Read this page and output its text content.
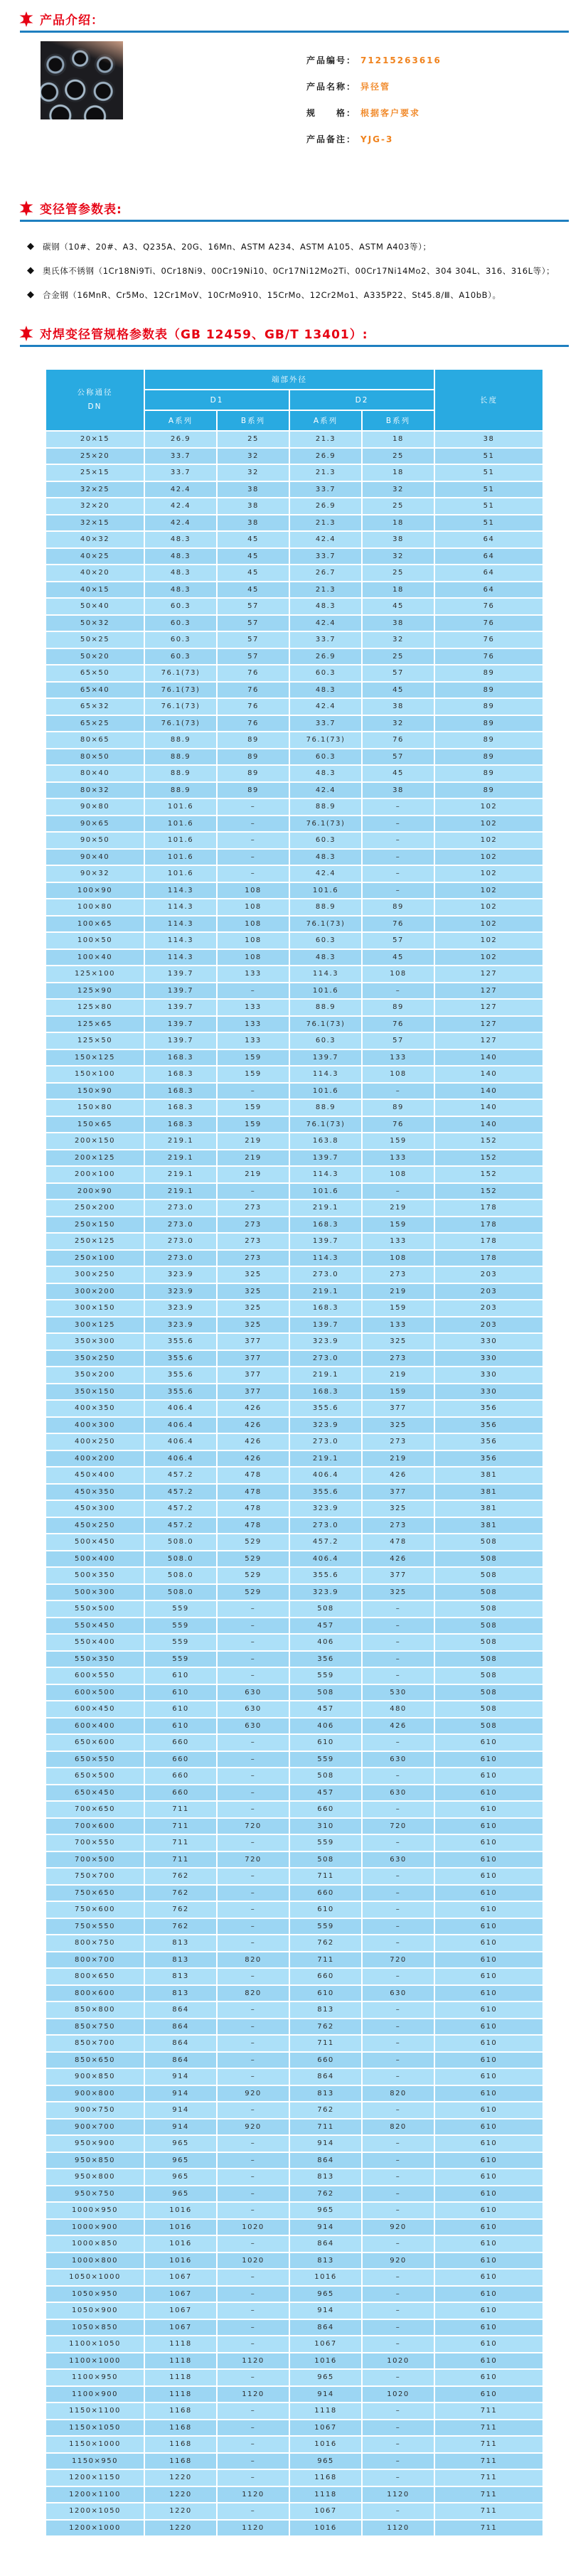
产品介绍：
产品编号： 71215263616
产品名称： 异径管
规　　格： 根据客户要求
产品备注： YJG-3
变径管参数表:
◆ 碳钢（10#、20#、A3、Q235A、20G、16Mn、ASTM A234、ASTM A105、ASTM A403等）；

◆ 奥氏体不锈钢（1Cr18Ni9Ti、0Cr18Ni9、00Cr19Ni10、0Cr17Ni12Mo2Ti、00Cr17Ni14Mo2、304 304L、316、316L等）；

◆ 合金钢（16MnR、Cr5Mo、12Cr1MoV、10CrMo910、15CrMo、12Cr2Mo1、A335P22、St45.8/Ⅲ、A10bB）。

对焊变径管规格参数表（GB 12459、GB/T 13401）:
公称通径
DN	端部外径				长度
	D1		D2		
	A系列	B系列	A系列	B系列	
20×15	26.9	25	21.3	18	38
25×20	33.7	32	26.9	25	51
25×15	33.7	32	21.3	18	51
32×25	42.4	38	33.7	32	51
32×20	42.4	38	26.9	25	51
32×15	42.4	38	21.3	18	51
40×32	48.3	45	42.4	38	64
40×25	48.3	45	33.7	32	64
40×20	48.3	45	26.7	25	64
40×15	48.3	45	21.3	18	64
50×40	60.3	57	48.3	45	76
50×32	60.3	57	42.4	38	76
50×25	60.3	57	33.7	32	76
50×20	60.3	57	26.9	25	76
65×50	76.1(73)	76	60.3	57	89
65×40	76.1(73)	76	48.3	45	89
65×32	76.1(73)	76	42.4	38	89
65×25	76.1(73)	76	33.7	32	89
80×65	88.9	89	76.1(73)	76	89
80×50	88.9	89	60.3	57	89
80×40	88.9	89	48.3	45	89
80×32	88.9	89	42.4	38	89
90×80	101.6	–	88.9	–	102
90×65	101.6	–	76.1(73)	–	102
90×50	101.6	–	60.3	–	102
90×40	101.6	–	48.3	–	102
90×32	101.6	–	42.4	–	102
100×90	114.3	108	101.6	–	102
100×80	114.3	108	88.9	89	102
100×65	114.3	108	76.1(73)	76	102
100×50	114.3	108	60.3	57	102
100×40	114.3	108	48.3	45	102
125×100	139.7	133	114.3	108	127
125×90	139.7	–	101.6	–	127
125×80	139.7	133	88.9	89	127
125×65	139.7	133	76.1(73)	76	127
125×50	139.7	133	60.3	57	127
150×125	168.3	159	139.7	133	140
150×100	168.3	159	114.3	108	140
150×90	168.3	–	101.6	–	140
150×80	168.3	159	88.9	89	140
150×65	168.3	159	76.1(73)	76	140
200×150	219.1	219	163.8	159	152
200×125	219.1	219	139.7	133	152
200×100	219.1	219	114.3	108	152
200×90	219.1	–	101.6	–	152
250×200	273.0	273	219.1	219	178
250×150	273.0	273	168.3	159	178
250×125	273.0	273	139.7	133	178
250×100	273.0	273	114.3	108	178
300×250	323.9	325	273.0	273	203
300×200	323.9	325	219.1	219	203
300×150	323.9	325	168.3	159	203
300×125	323.9	325	139.7	133	203
350×300	355.6	377	323.9	325	330
350×250	355.6	377	273.0	273	330
350×200	355.6	377	219.1	219	330
350×150	355.6	377	168.3	159	330
400×350	406.4	426	355.6	377	356
400×300	406.4	426	323.9	325	356
400×250	406.4	426	273.0	273	356
400×200	406.4	426	219.1	219	356
450×400	457.2	478	406.4	426	381
450×350	457.2	478	355.6	377	381
450×300	457.2	478	323.9	325	381
450×250	457.2	478	273.0	273	381
500×450	508.0	529	457.2	478	508
500×400	508.0	529	406.4	426	508
500×350	508.0	529	355.6	377	508
500×300	508.0	529	323.9	325	508
550×500	559	–	508	–	508
550×450	559	–	457	–	508
550×400	559	–	406	–	508
550×350	559	–	356	–	508
600×550	610	–	559	–	508
600×500	610	630	508	530	508
600×450	610	630	457	480	508
600×400	610	630	406	426	508
650×600	660	–	610	–	610
650×550	660	–	559	630	610
650×500	660	–	508	–	610
650×450	660	–	457	630	610
700×650	711	–	660	–	610
700×600	711	720	310	720	610
700×550	711	–	559	–	610
700×500	711	720	508	630	610
750×700	762	–	711	–	610
750×650	762	–	660	–	610
750×600	762	–	610	–	610
750×550	762	–	559	–	610
800×750	813	–	762	–	610
800×700	813	820	711	720	610
800×650	813	–	660	–	610
800×600	813	820	610	630	610
850×800	864	–	813	–	610
850×750	864	–	762	–	610
850×700	864	–	711	–	610
850×650	864	–	660	–	610
900×850	914	–	864	–	610
900×800	914	920	813	820	610
900×750	914	–	762	–	610
900×700	914	920	711	820	610
950×900	965	–	914	–	610
950×850	965	–	864	–	610
950×800	965	–	813	–	610
950×750	965	–	762	–	610
1000×950	1016	–	965	–	610
1000×900	1016	1020	914	920	610
1000×850	1016	–	864	–	610
1000×800	1016	1020	813	920	610
1050×1000	1067	–	1016	–	610
1050×950	1067	–	965	–	610
1050×900	1067	–	914	–	610
1050×850	1067	–	864	–	610
1100×1050	1118	–	1067	–	610
1100×1000	1118	1120	1016	1020	610
1100×950	1118	–	965	–	610
1100×900	1118	1120	914	1020	610
1150×1100	1168	–	1118	–	711
1150×1050	1168	–	1067	–	711
1150×1000	1168	–	1016	–	711
1150×950	1168	–	965	–	711
1200×1150	1220	–	1168	–	711
1200×1100	1220	1120	1118	1120	711
1200×1050	1220	–	1067	–	711
1200×1000	1220	1120	1016	1120	711
